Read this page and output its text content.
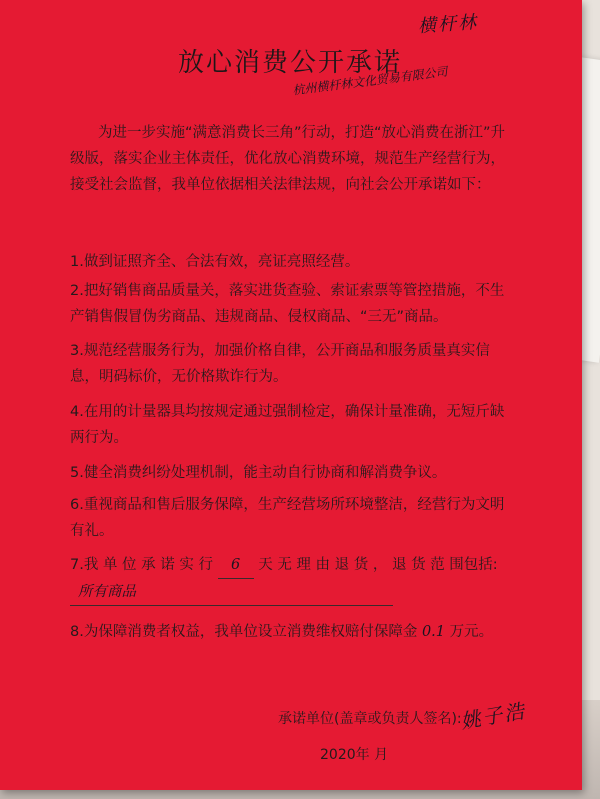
横杆林
放心消费公开承诺
杭州横杆林文化贸易有限公司
为进一步实施“满意消费长三角”行动，打造“放心消费在浙江”升级版，落实企业主体责任，优化放心消费环境，规范生产经营行为，接受社会监督，我单位依据相关法律法规，向社会公开承诺如下：
1.做到证照齐全、合法有效，亮证亮照经营。
2.把好销售商品质量关，落实进货查验、索证索票等管控措施，不生产销售假冒伪劣商品、违规商品、侵权商品、“三无”商品。
3.规范经营服务行为，加强价格自律，公开商品和服务质量真实信息，明码标价，无价格欺诈行为。
4.在用的计量器具均按规定通过强制检定，确保计量准确，无短斤缺两行为。
5.健全消费纠纷处理机制，能主动自行协商和解消费争议。
6.重视商品和售后服务保障，生产经营场所环境整洁，经营行为文明有礼。
7.我 单 位 承 诺 实 行 6 天 无 理 由 退 货 ， 退 货 范 围包括: 所有商品
8.为保障消费者权益，我单位设立消费维权赔付保障金 0.1 万元。
承诺单位(盖章或负责人签名):
姚子浩
2020年 月
